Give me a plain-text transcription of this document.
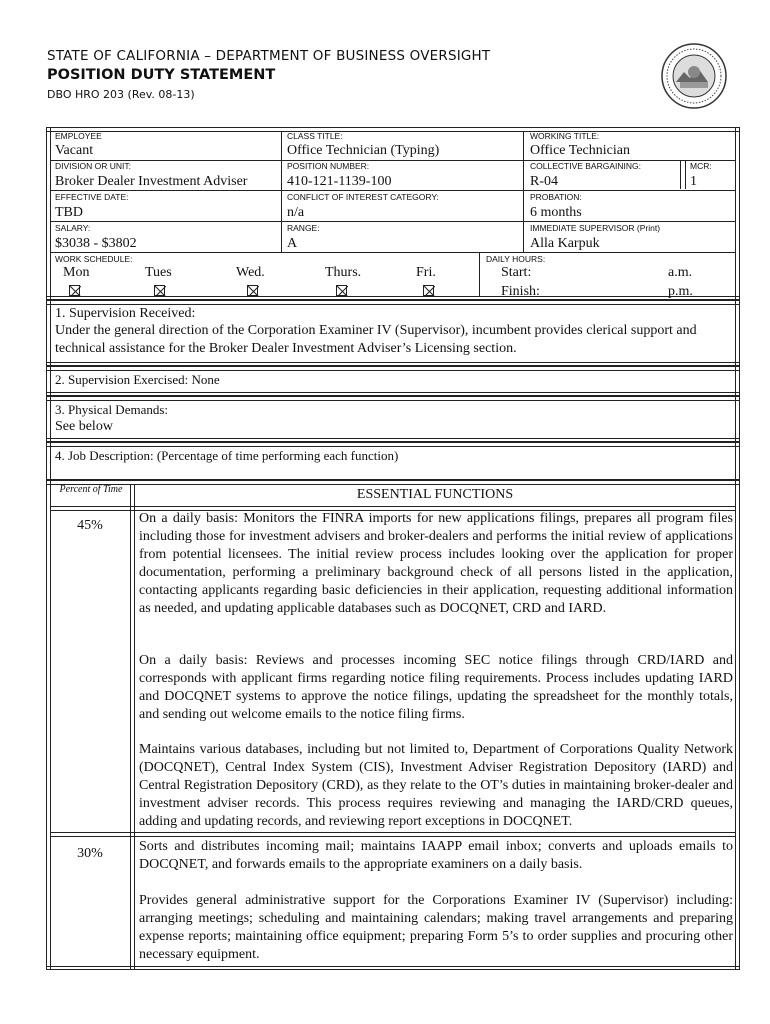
STATE OF CALIFORNIA – DEPARTMENT OF BUSINESS OVERSIGHT
POSITION DUTY STATEMENT
DBO HRO 203 (Rev. 08-13)
EMPLOYEE
Vacant
CLASS TITLE:
Office Technician (Typing)
WORKING TITLE:
Office Technician
DIVISION OR UNIT:
Broker Dealer Investment Adviser
POSITION NUMBER:
410-121-1139-100
COLLECTIVE BARGAINING:
R-04
MCR:
1
EFFECTIVE DATE:
TBD
CONFLICT OF INTEREST CATEGORY:
n/a
PROBATION:
6 months
SALARY:
$3038 - $3802
RANGE:
A
IMMEDIATE SUPERVISOR (Print)
Alla Karpuk
WORK SCHEDULE:
Mon	Tues	Wed.	Thurs.	Fri.
DAILY HOURS:
Start:	a.m.
Finish:	p.m.
1. Supervision Received:
Under the general direction of the Corporation Examiner IV (Supervisor), incumbent provides clerical support and technical assistance for the Broker Dealer Investment Adviser’s Licensing section.
2. Supervision Exercised: None
3. Physical Demands:
See below
4. Job Description: (Percentage of time performing each function)
Percent of Time	ESSENTIAL FUNCTIONS
45%	On a daily basis: Monitors the FINRA imports for new applications filings, prepares all program files including those for investment advisers and broker-dealers and performs the initial review of applications from potential licensees. The initial review process includes looking over the application for proper documentation, performing a preliminary background check of all persons listed in the application, contacting applicants regarding basic deficiencies in their application, requesting additional information as needed, and updating applicable databases such as DOCQNET, CRD and IARD.
On a daily basis: Reviews and processes incoming SEC notice filings through CRD/IARD and corresponds with applicant firms regarding notice filing requirements. Process includes updating IARD and DOCQNET systems to approve the notice filings, updating the spreadsheet for the monthly totals, and sending out welcome emails to the notice filing firms.
Maintains various databases, including but not limited to, Department of Corporations Quality Network (DOCQNET), Central Index System (CIS), Investment Adviser Registration Depository (IARD) and Central Registration Depository (CRD), as they relate to the OT’s duties in maintaining broker-dealer and investment adviser records. This process requires reviewing and managing the IARD/CRD queues, adding and updating records, and reviewing report exceptions in DOCQNET.
30%	Sorts and distributes incoming mail; maintains IAAPP email inbox; converts and uploads emails to DOCQNET, and forwards emails to the appropriate examiners on a daily basis.
Provides general administrative support for the Corporations Examiner IV (Supervisor) including: arranging meetings; scheduling and maintaining calendars; making travel arrangements and preparing expense reports; maintaining office equipment; preparing Form 5’s to order supplies and procuring other necessary equipment.
